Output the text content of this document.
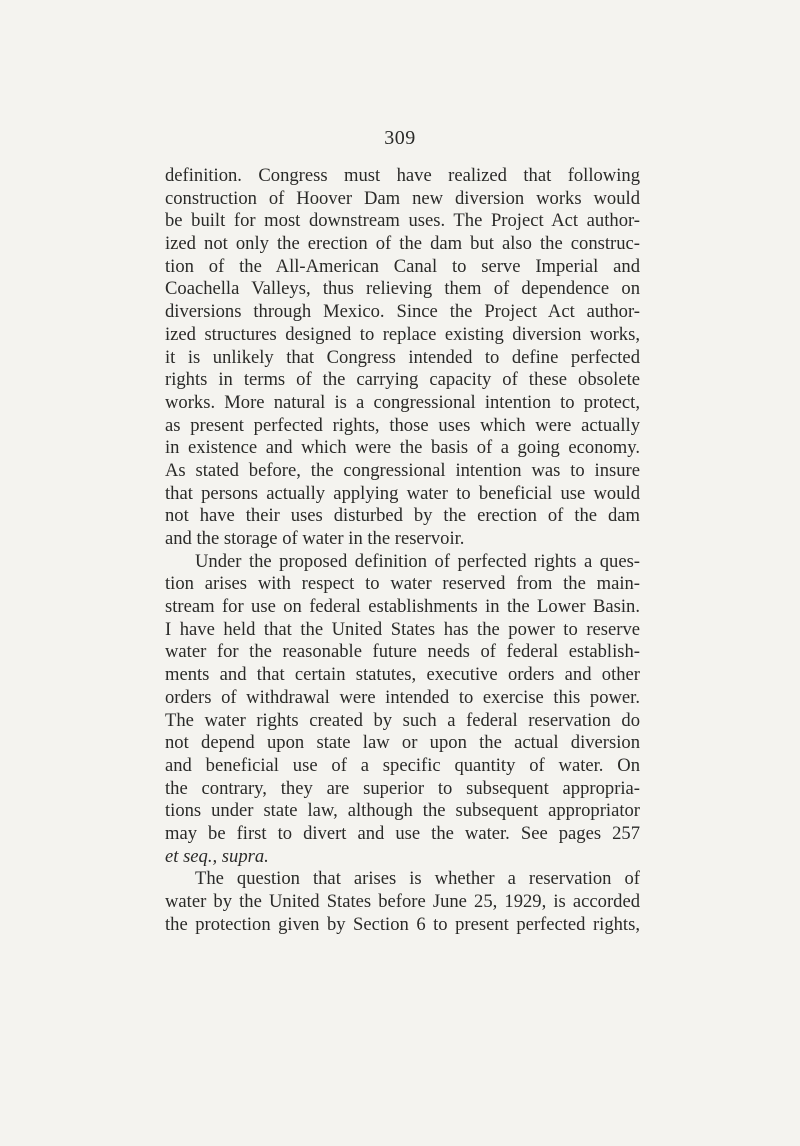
309
definition. Congress must have realized that following
construction of Hoover Dam new diversion works would
be built for most downstream uses. The Project Act author-
ized not only the erection of the dam but also the construc-
tion of the All-American Canal to serve Imperial and
Coachella Valleys, thus relieving them of dependence on
diversions through Mexico. Since the Project Act author-
ized structures designed to replace existing diversion works,
it is unlikely that Congress intended to define perfected
rights in terms of the carrying capacity of these obsolete
works. More natural is a congressional intention to protect,
as present perfected rights, those uses which were actually
in existence and which were the basis of a going economy.
As stated before, the congressional intention was to insure
that persons actually applying water to beneficial use would
not have their uses disturbed by the erection of the dam
and the storage of water in the reservoir.
Under the proposed definition of perfected rights a ques-
tion arises with respect to water reserved from the main-
stream for use on federal establishments in the Lower Basin.
I have held that the United States has the power to reserve
water for the reasonable future needs of federal establish-
ments and that certain statutes, executive orders and other
orders of withdrawal were intended to exercise this power.
The water rights created by such a federal reservation do
not depend upon state law or upon the actual diversion
and beneficial use of a specific quantity of water. On
the contrary, they are superior to subsequent appropria-
tions under state law, although the subsequent appropriator
may be first to divert and use the water. See pages 257
et seq., supra.
The question that arises is whether a reservation of
water by the United States before June 25, 1929, is accorded
the protection given by Section 6 to present perfected rights,
